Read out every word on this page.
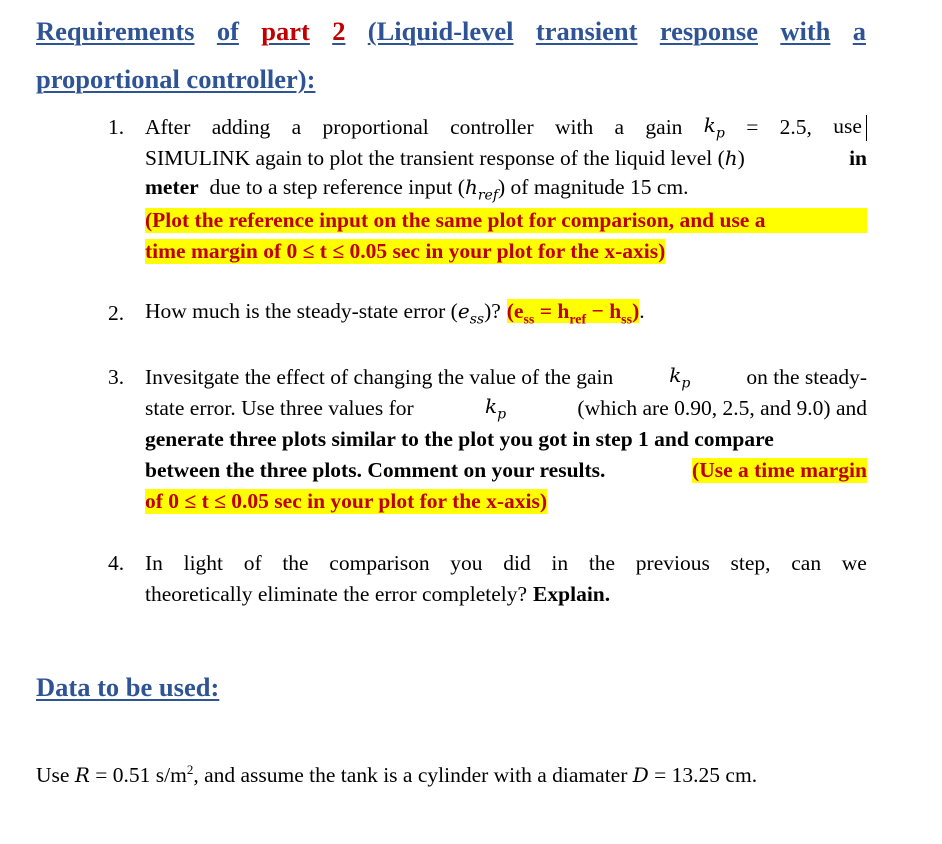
Requirements of part 2 (Liquid-level transient response with a
proportional controller):
1. After adding a proportional controller with a gain $k_p = 2.5$, use
SIMULINK again to plot the transient response of the liquid level (h)	in
meter due to a step reference input $(h_{ref})$ of magnitude 15 cm.
(Plot the reference input on the same plot for comparison, and use a
time margin of 0 ≤ t ≤ 0.05 sec in your plot for the x-axis)
2. How much is the steady-state error $(e_{ss})$? $(e_{ss} = h_{ref} - h_{ss})$.
3. Invesitgate the effect of changing the value of the gain	$k_p$	on the steady-
state error. Use three values for	$k_p$	(which are 0.90, 2.5, and 9.0) and
generate three plots similar to the plot you got in step 1 and compare
between the three plots. Comment on your results.	(Use a time margin
of 0 ≤ t ≤ 0.05 sec in your plot for the x-axis)
4. In light of the comparison you did in the previous step, can we
theoretically eliminate the error completely? Explain.
Data to be used:
Use R = 0.51 $s/m^2$, and assume the tank is a cylinder with a diamater D = 13.25 cm.
